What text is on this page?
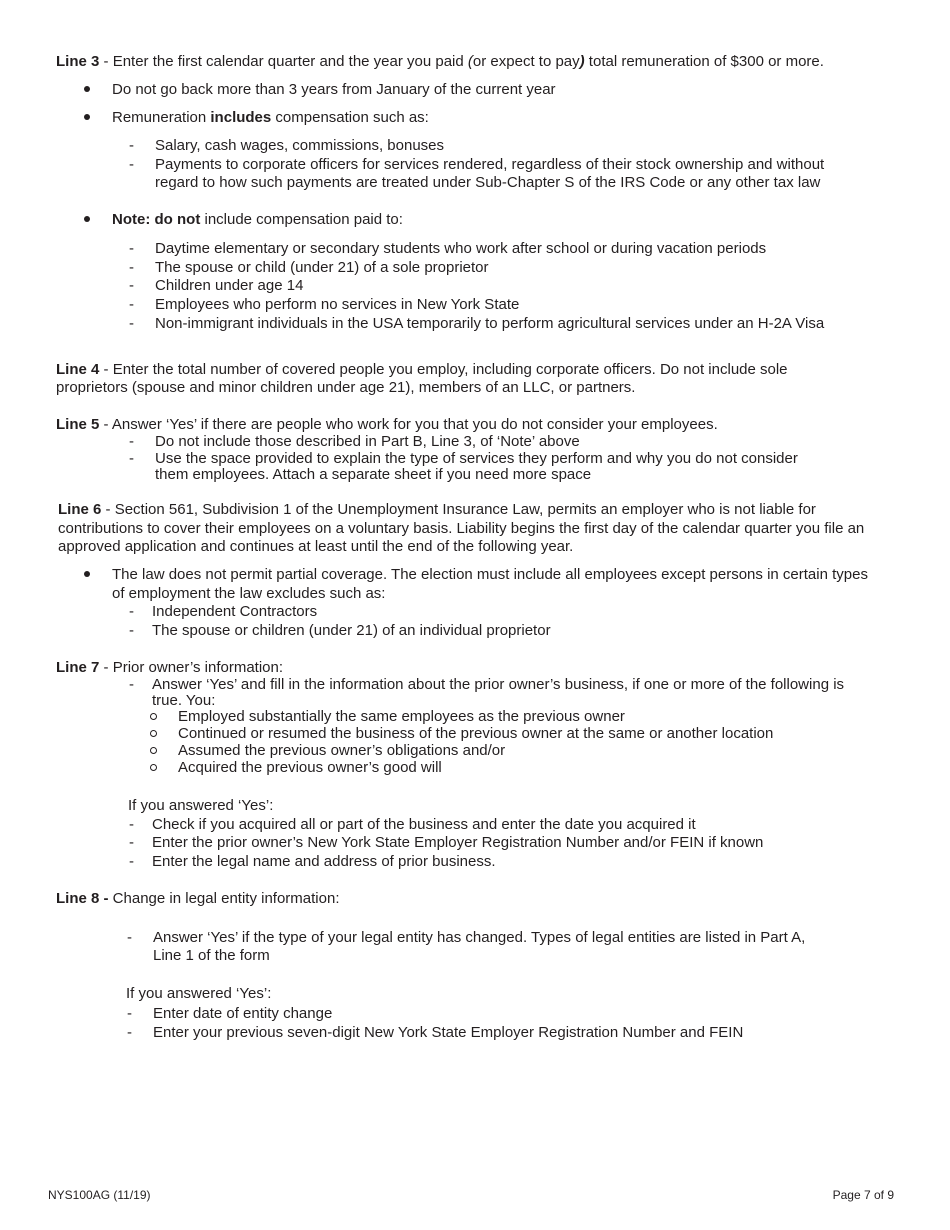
Line 3 - Enter the first calendar quarter and the year you paid (or expect to pay) total remuneration of $300 or more.
Do not go back more than 3 years from January of the current year
Remuneration includes compensation such as:
- Salary, cash wages, commissions, bonuses
- Payments to corporate officers for services rendered, regardless of their stock ownership and without
regard to how such payments are treated under Sub-Chapter S of the IRS Code or any other tax law
Note: do not include compensation paid to:
- Daytime elementary or secondary students who work after school or during vacation periods
- The spouse or child (under 21) of a sole proprietor
- Children under age 14
- Employees who perform no services in New York State
- Non-immigrant individuals in the USA temporarily to perform agricultural services under an H-2A Visa
Line 4 - Enter the total number of covered people you employ, including corporate officers. Do not include sole
proprietors (spouse and minor children under age 21), members of an LLC, or partners.
Line 5 - Answer ‘Yes’ if there are people who work for you that you do not consider your employees.
- Do not include those described in Part B, Line 3, of ‘Note’ above
- Use the space provided to explain the type of services they perform and why you do not consider
them employees. Attach a separate sheet if you need more space
Line 6 - Section 561, Subdivision 1 of the Unemployment Insurance Law, permits an employer who is not liable for
contributions to cover their employees on a voluntary basis. Liability begins the first day of the calendar quarter you file an
approved application and continues at least until the end of the following year.
The law does not permit partial coverage. The election must include all employees except persons in certain types
of employment the law excludes such as:
- Independent Contractors
- The spouse or children (under 21) of an individual proprietor
Line 7 - Prior owner’s information:
- Answer ‘Yes’ and fill in the information about the prior owner’s business, if one or more of the following is
true. You:
Employed substantially the same employees as the previous owner
Continued or resumed the business of the previous owner at the same or another location
Assumed the previous owner’s obligations and/or
Acquired the previous owner’s good will
If you answered ‘Yes’:
- Check if you acquired all or part of the business and enter the date you acquired it
- Enter the prior owner’s New York State Employer Registration Number and/or FEIN if known
- Enter the legal name and address of prior business.
Line 8 - Change in legal entity information:
- Answer ‘Yes’ if the type of your legal entity has changed. Types of legal entities are listed in Part A,
Line 1 of the form
If you answered ‘Yes’:
- Enter date of entity change
- Enter your previous seven-digit New York State Employer Registration Number and FEIN
NYS100AG (11/19)	Page 7 of 9
